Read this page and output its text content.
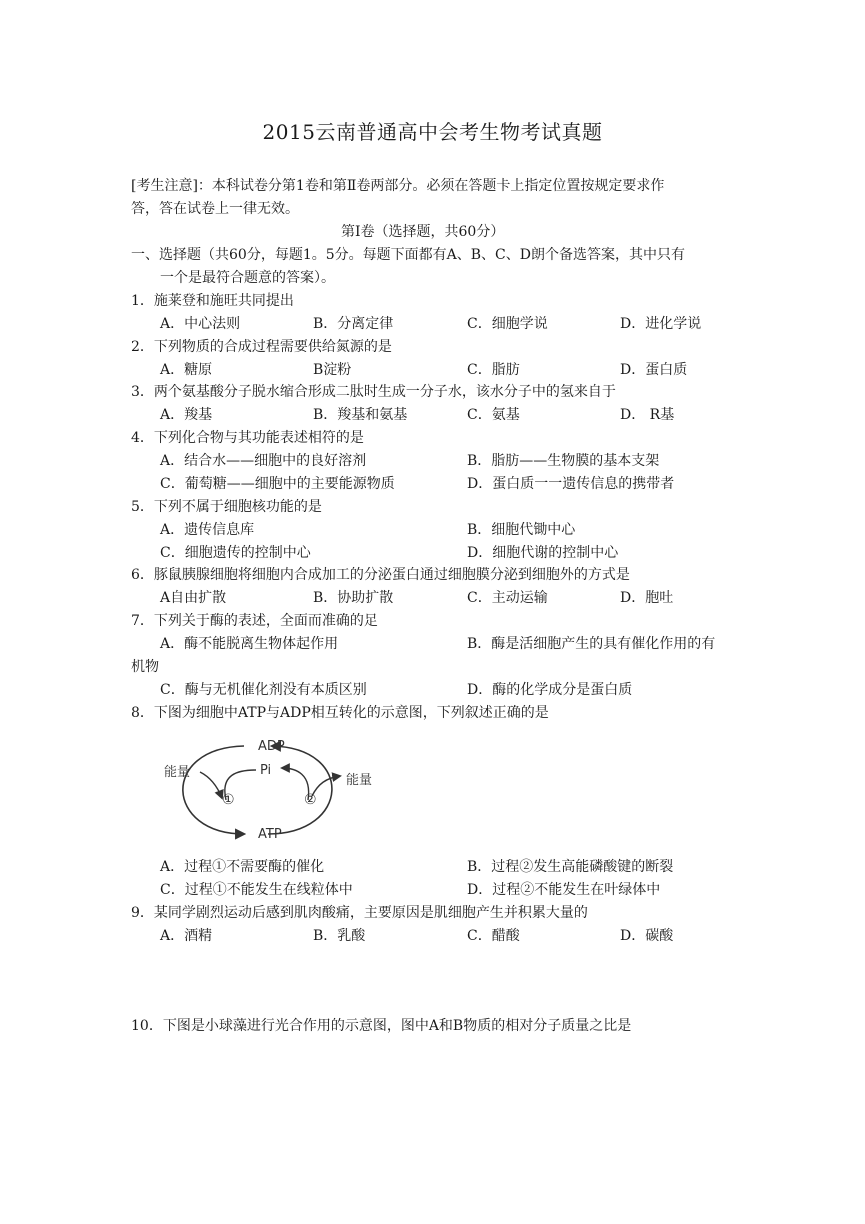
2015云南普通高中会考生物考试真题
[考生注意]：本科试卷分第1卷和第Ⅱ卷两部分。必须在答题卡上指定位置按规定要求作
答，答在试卷上一律无效。
第Ⅰ卷（选择题，共60分）
一、选择题（共60分，每题1。5分。每题下面都有A、B、C、D朗个备选答案，其中只有
一个是最符合题意的答案）。
1．施莱登和施旺共同提出
A．中心法则	B．分离定律	C．细胞学说	D．进化学说
2．下列物质的合成过程需要供给氮源的是
A．糖原	B淀粉	C．脂肪	D．蛋白质
3．两个氨基酸分子脱水缩合形成二肽时生成一分子水，该水分子中的氢来自于
A．羧基	B．羧基和氨基	C．氨基	D． R基
4．下列化合物与其功能表述相符的是
A．结合水——细胞中的良好溶剂	B．脂肪——生物膜的基本支架
C．葡萄糖——细胞中的主要能源物质	D．蛋白质一一遗传信息的携带者
5．下列不属于细胞核功能的是
A．遗传信息库	B．细胞代锄中心
C．细胞遗传的控制中心	D．细胞代谢的控制中心
6．豚鼠胰腺细胞将细胞内合成加工的分泌蛋白通过细胞膜分泌到细胞外的方式是
A自由扩散	B．协助扩散	C．主动运输	D．胞吐
7．下列关于酶的表述，全面而准确的足
A．酶不能脱离生物体起作用	B．酶是活细胞产生的具有催化作用的有
机物
C．酶与无机催化剂没有本质区别	D．酶的化学成分是蛋白质
8．下图为细胞中ATP与ADP相互转化的示意图，下列叙述正确的是
ADP
Pi
ATP
能量
能量
①	②
A．过程①不需要酶的催化	B．过程②发生高能磷酸键的断裂
C．过程①不能发生在线粒体中	D．过程②不能发生在叶绿体中
9．某同学剧烈运动后感到肌肉酸痛，主要原因是肌细胞产生并积累大量的
A．酒精	B．乳酸	C．醋酸	D．碳酸
10．下图是小球藻进行光合作用的示意图，图中A和B物质的相对分子质量之比是
